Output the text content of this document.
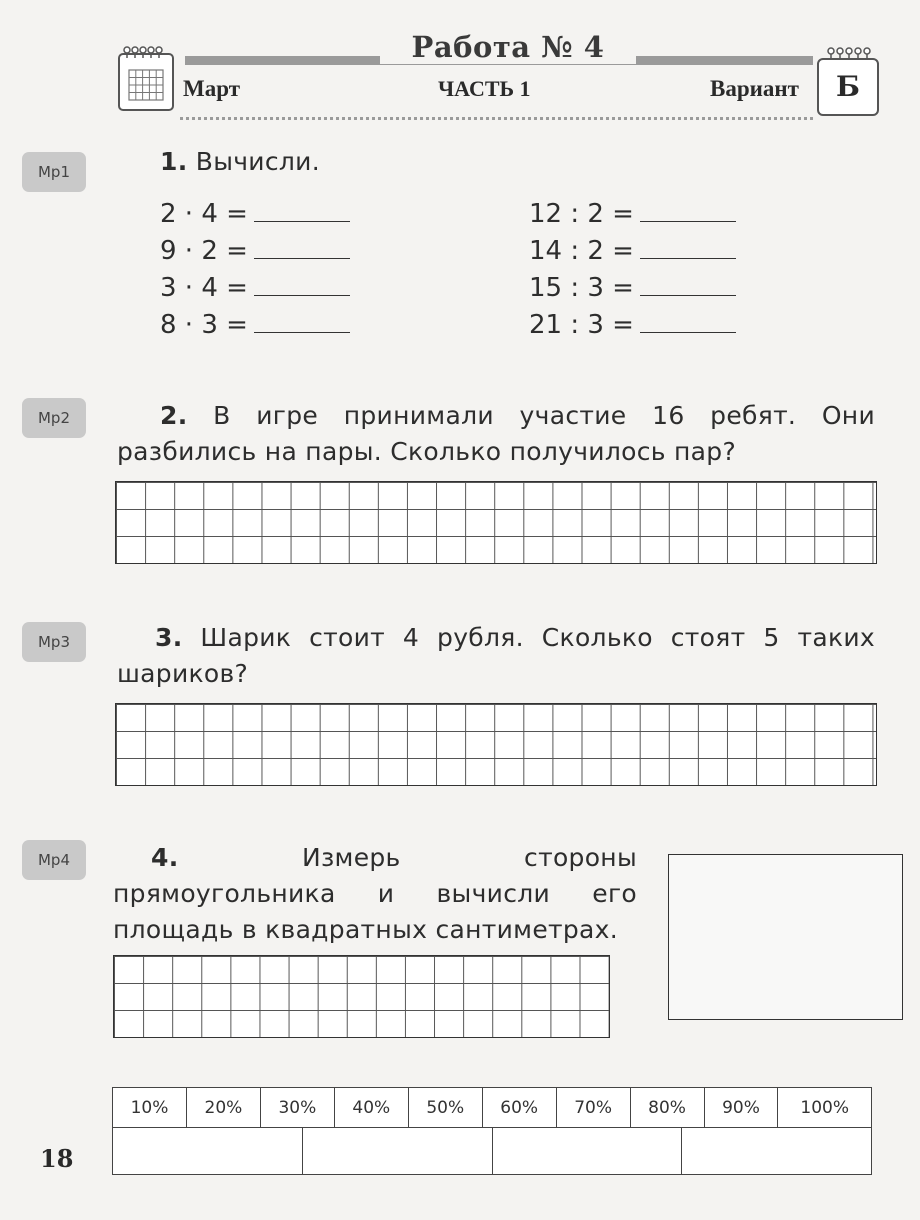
Работа № 4
Март	ЧАСТЬ 1	Вариант	Б
Мр1	1. Вычисли.
2 · 4 =
9 · 2 =
3 · 4 =
8 · 3 =
12 : 2 =
14 : 2 =
15 : 3 =
21 : 3 =
Мр2	2. В игре принимали участие 16 ребят. Они разбились на пары. Сколько получилось пар?
Мр3	3. Шарик стоит 4 рубля. Сколько стоят 5 таких шариков?
Мр4	4.	Измерь стороны прямоугольника и вычисли его площадь в квадратных сантиметрах.
10%	20%	30%	40%	50%	60%	70%	80%	90%	100%

18
